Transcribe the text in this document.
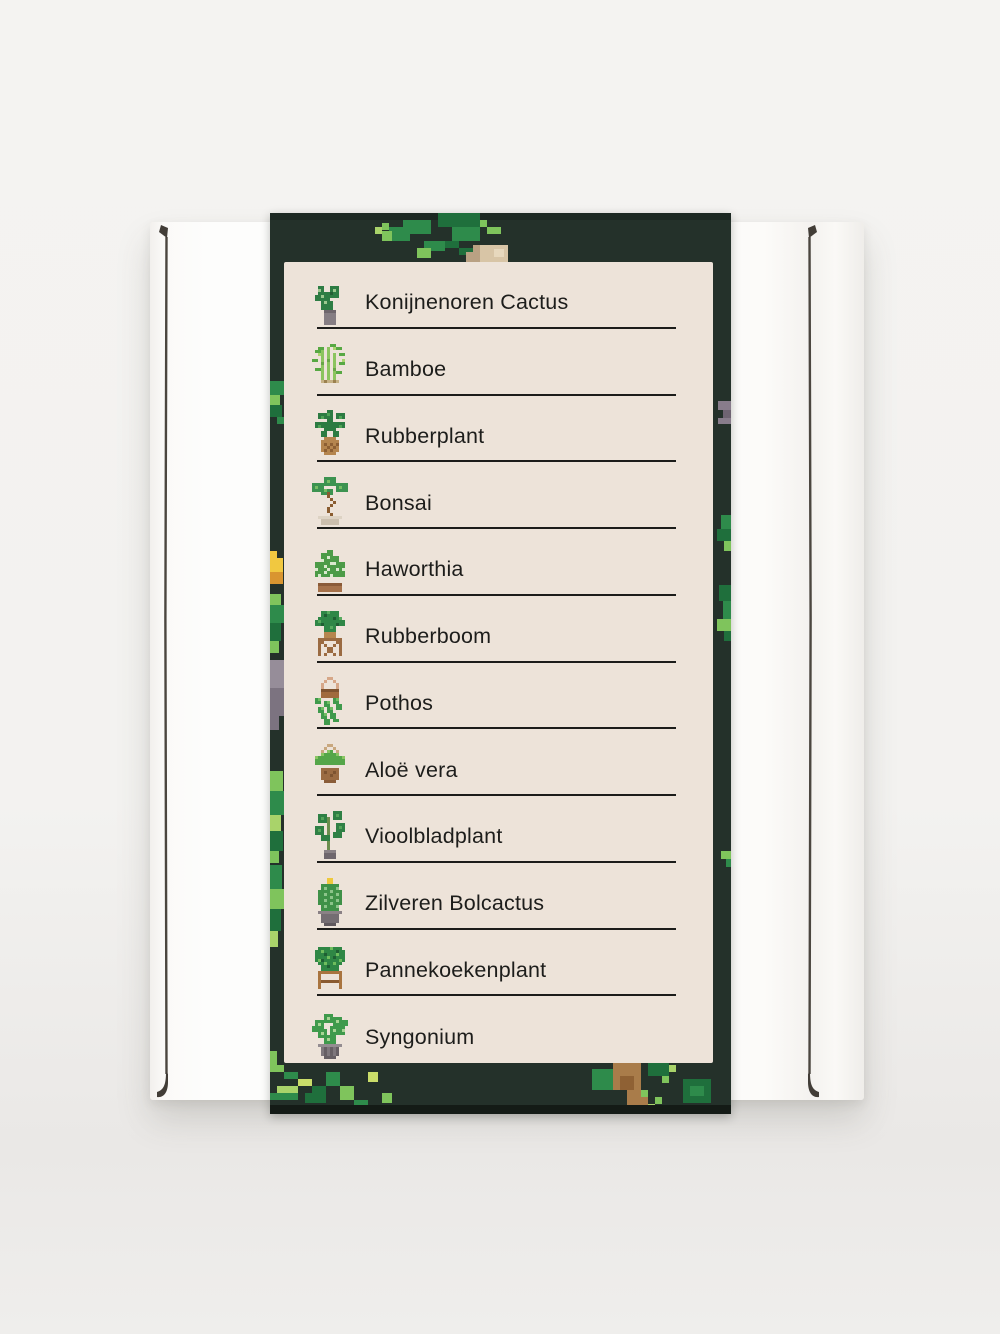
Konijnenoren Cactus
Bamboe
Rubberplant
Bonsai
Haworthia
Rubberboom
Pothos
Aloë vera
Vioolbladplant
Zilveren Bolcactus
Pannekoekenplant
Syngonium
